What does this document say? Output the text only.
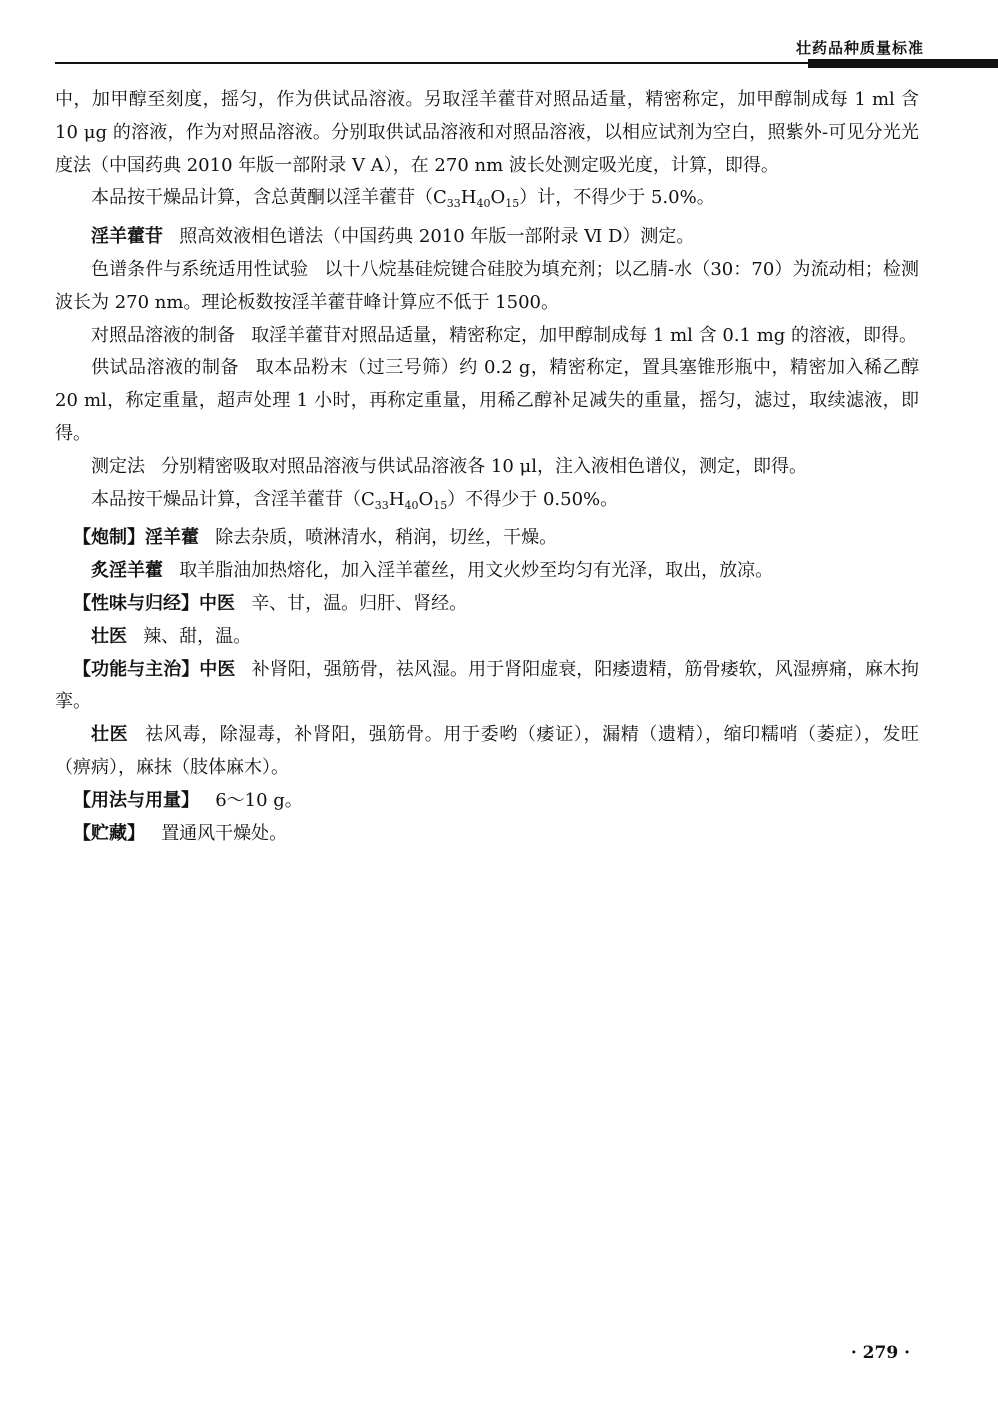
壮药品种质量标准

中，加甲醇至刻度，摇匀，作为供试品溶液。另取淫羊藿苷对照品适量，精密称定，加甲醇制成每 1 ml 含 10 μg 的溶液，作为对照品溶液。分别取供试品溶液和对照品溶液，以相应试剂为空白，照紫外-可见分光光度法（中国药典 2010 年版一部附录 Ⅴ A），在 270 nm 波长处测定吸光度，计算，即得。

本品按干燥品计算，含总黄酮以淫羊藿苷$(C_{33}H_{40}O_{15})$计，不得少于 5.0%。

淫羊藿苷 照高效液相色谱法（中国药典 2010 年版一部附录 Ⅵ D）测定。

色谱条件与系统适用性试验 以十八烷基硅烷键合硅胶为填充剂；以乙腈-水（30：70）为流动相；检测波长为 270 nm。理论板数按淫羊藿苷峰计算应不低于 1500。

对照品溶液的制备 取淫羊藿苷对照品适量，精密称定，加甲醇制成每 1 ml 含 0.1 mg 的溶液，即得。

供试品溶液的制备 取本品粉末（过三号筛）约 0.2 g，精密称定，置具塞锥形瓶中，精密加入稀乙醇 20 ml，称定重量，超声处理 1 小时，再称定重量，用稀乙醇补足减失的重量，摇匀，滤过，取续滤液，即得。

测定法 分别精密吸取对照品溶液与供试品溶液各 10 μl，注入液相色谱仪，测定，即得。

本品按干燥品计算，含淫羊藿苷$(C_{33}H_{40}O_{15})$不得少于 0.50%。

【炮制】淫羊藿 除去杂质，喷淋清水，稍润，切丝，干燥。

炙淫羊藿 取羊脂油加热熔化，加入淫羊藿丝，用文火炒至均匀有光泽，取出，放凉。

【性味与归经】中医 辛、甘，温。归肝、肾经。

壮医 辣、甜，温。

【功能与主治】中医 补肾阳，强筋骨，祛风湿。用于肾阳虚衰，阳痿遗精，筋骨痿软，风湿痹痛，麻木拘挛。

壮医 祛风毒，除湿毒，补肾阳，强筋骨。用于委哟（痿证），漏精（遗精），缩印糯哨（萎症），发旺（痹病），麻抹（肢体麻木）。

【用法与用量】 6～10 g。

【贮藏】 置通风干燥处。

· 279 ·
